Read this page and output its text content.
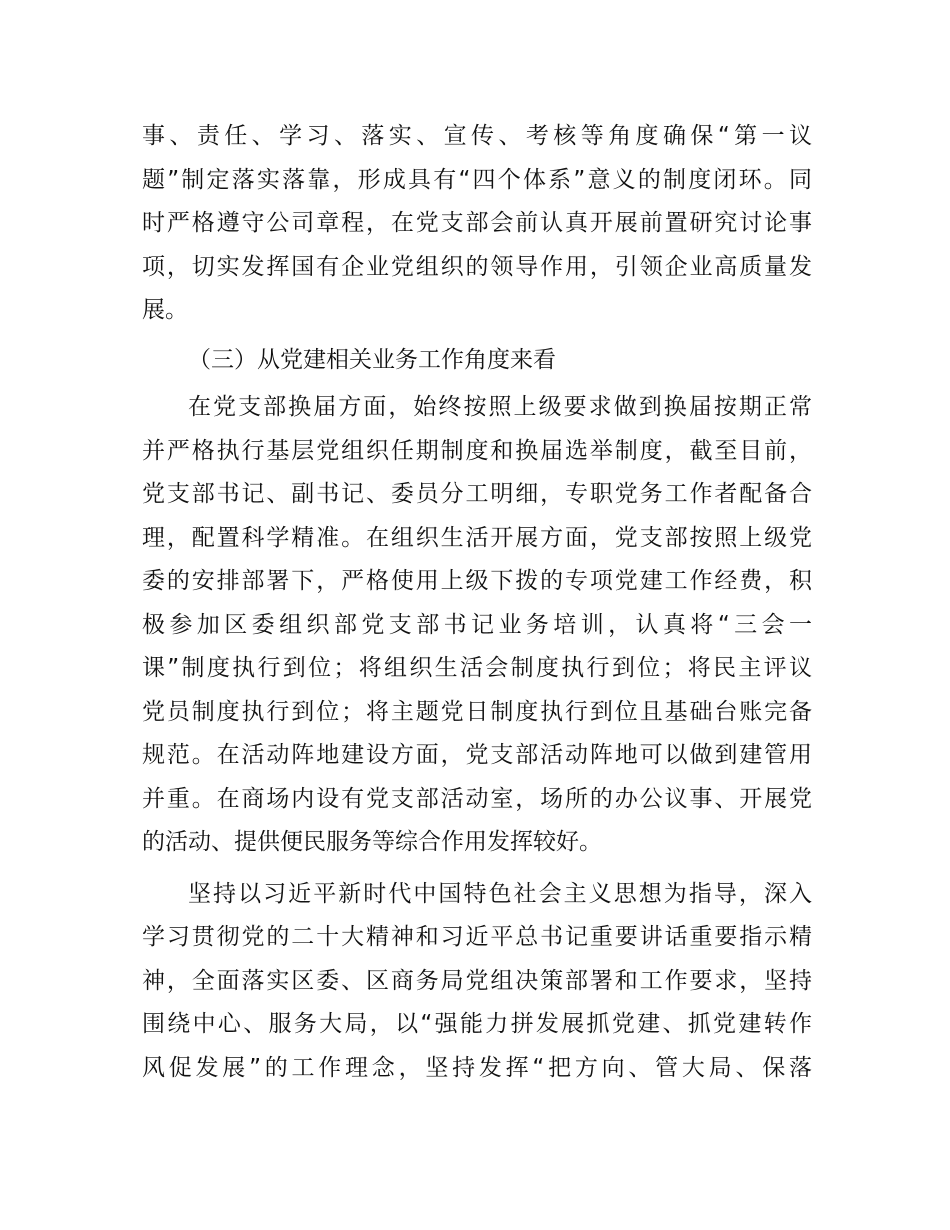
事、责任、学习、落实、宣传、考核等角度确保“第一议
题”制定落实落靠，形成具有“四个体系”意义的制度闭环。同
时严格遵守公司章程，在党支部会前认真开展前置研究讨论事
项，切实发挥国有企业党组织的领导作用，引领企业高质量发
展。
（三）从党建相关业务工作角度来看
在党支部换届方面，始终按照上级要求做到换届按期正常
并严格执行基层党组织任期制度和换届选举制度，截至目前，
党支部书记、副书记、委员分工明细，专职党务工作者配备合
理，配置科学精准。在组织生活开展方面，党支部按照上级党
委的安排部署下，严格使用上级下拨的专项党建工作经费，积
极参加区委组织部党支部书记业务培训，认真将“三会一
课”制度执行到位；将组织生活会制度执行到位；将民主评议
党员制度执行到位；将主题党日制度执行到位且基础台账完备
规范。在活动阵地建设方面，党支部活动阵地可以做到建管用
并重。在商场内设有党支部活动室，场所的办公议事、开展党
的活动、提供便民服务等综合作用发挥较好。
坚持以习近平新时代中国特色社会主义思想为指导，深入
学习贯彻党的二十大精神和习近平总书记重要讲话重要指示精
神，全面落实区委、区商务局党组决策部署和工作要求，坚持
围绕中心、服务大局，以“强能力拼发展抓党建、抓党建转作
风促发展”的工作理念，坚持发挥“把方向、管大局、保落
